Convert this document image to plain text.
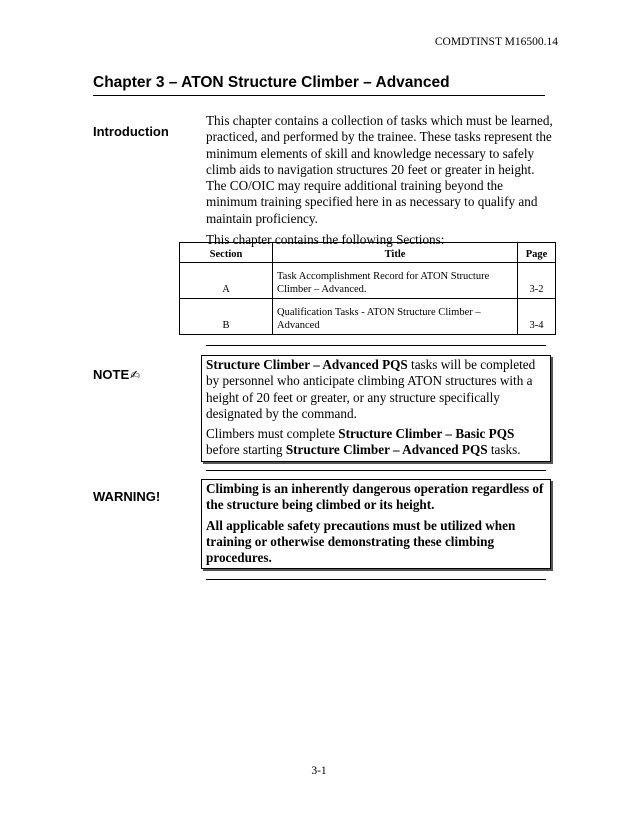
COMDTINST M16500.14
Chapter 3 – ATON Structure Climber – Advanced
Introduction

This chapter contains a collection of tasks which must be learned, practiced, and performed by the trainee. These tasks represent the minimum elements of skill and knowledge necessary to safely climb aids to navigation structures 20 feet or greater in height. The CO/OIC may require additional training beyond the minimum training specified here in as necessary to qualify and maintain proficiency.

This chapter contains the following Sections:

Section	Title	Page
A	Task Accomplishment Record for ATON Structure Climber – Advanced.	3-2
B	Qualification Tasks - ATON Structure Climber – Advanced	3-4
NOTE✍

Structure Climber – Advanced PQS tasks will be completed by personnel who anticipate climbing ATON structures with a height of 20 feet or greater, or any structure specifically designated by the command.

Climbers must complete Structure Climber – Basic PQS before starting Structure Climber – Advanced PQS tasks.

WARNING!

Climbing is an inherently dangerous operation regardless of the structure being climbed or its height.

All applicable safety precautions must be utilized when training or otherwise demonstrating these climbing procedures.

3-1
